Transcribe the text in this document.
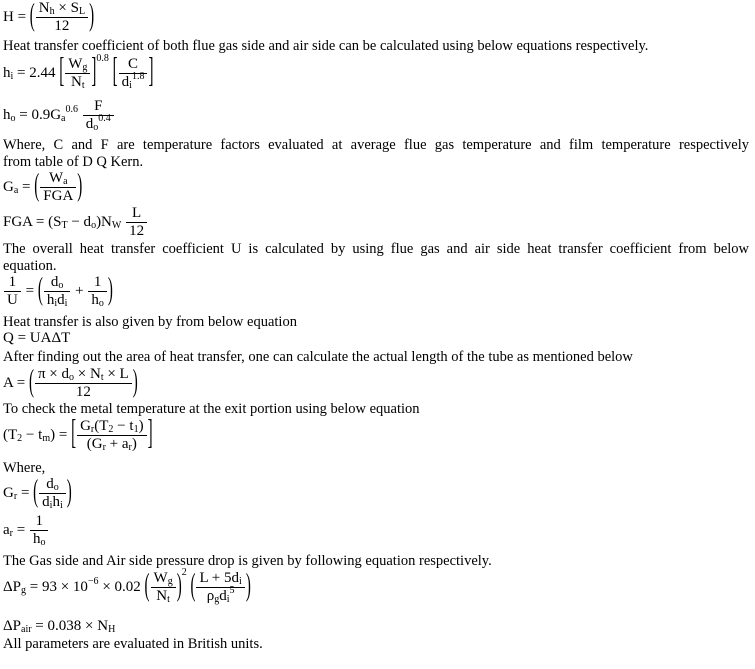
H = ( $\frac{N_h \times S_L}{12}$ )
Heat transfer coefficient of both flue gas side and air side can be calculated using below equations respectively.
$h_i = 2.44$ [ $\frac{W_g}{N_t} ]^{0.8}$ [ $\frac{C}{d_i^{1.8}}$ ]
$h_o = 0.9G_a^{0.6} \frac{F}{d_o^{0.4}}$
Where, C and F are temperature factors evaluated at average flue gas temperature and film temperature respectively
from table of D Q Kern.
$G_a$ = ( $\frac{W_a}{\text{FGA}}$ )
FGA = $(S_T - d_o)N_W \frac{L}{12}$
The overall heat transfer coefficient U is calculated by using flue gas and air side heat transfer coefficient from below
equation.
$\frac{1}{U}$ = ( $\frac{d_o}{h_id_i} + \frac{1}{h_o}$ )
Heat transfer is also given by from below equation
Q = UAΔT
After finding out the area of heat transfer, one can calculate the actual length of the tube as mentioned below
A = ( $\frac{\pi \times d_o \times N_t \times L}{12}$ )
To check the metal temperature at the exit portion using below equation
$(T_2 - t_m)$ = [ $\frac{G_r(T_2 - t_1)}{(G_r + a_r)}$ ]
Where,
$G_r$ = ( $\frac{d_o}{d_ih_i}$ )
$a_r = \frac{1}{h_o}$
The Gas side and Air side pressure drop is given by following equation respectively.
$\Delta P_g = 93 \times 10^{-6} \times 0.02$ ( $\frac{W_g}{N_t} )^2$ ( $\frac{L + 5d_i}{\rho_gd_i^5}$ )
$\Delta P_{air} = 0.038 \times N_H$
All parameters are evaluated in British units.
